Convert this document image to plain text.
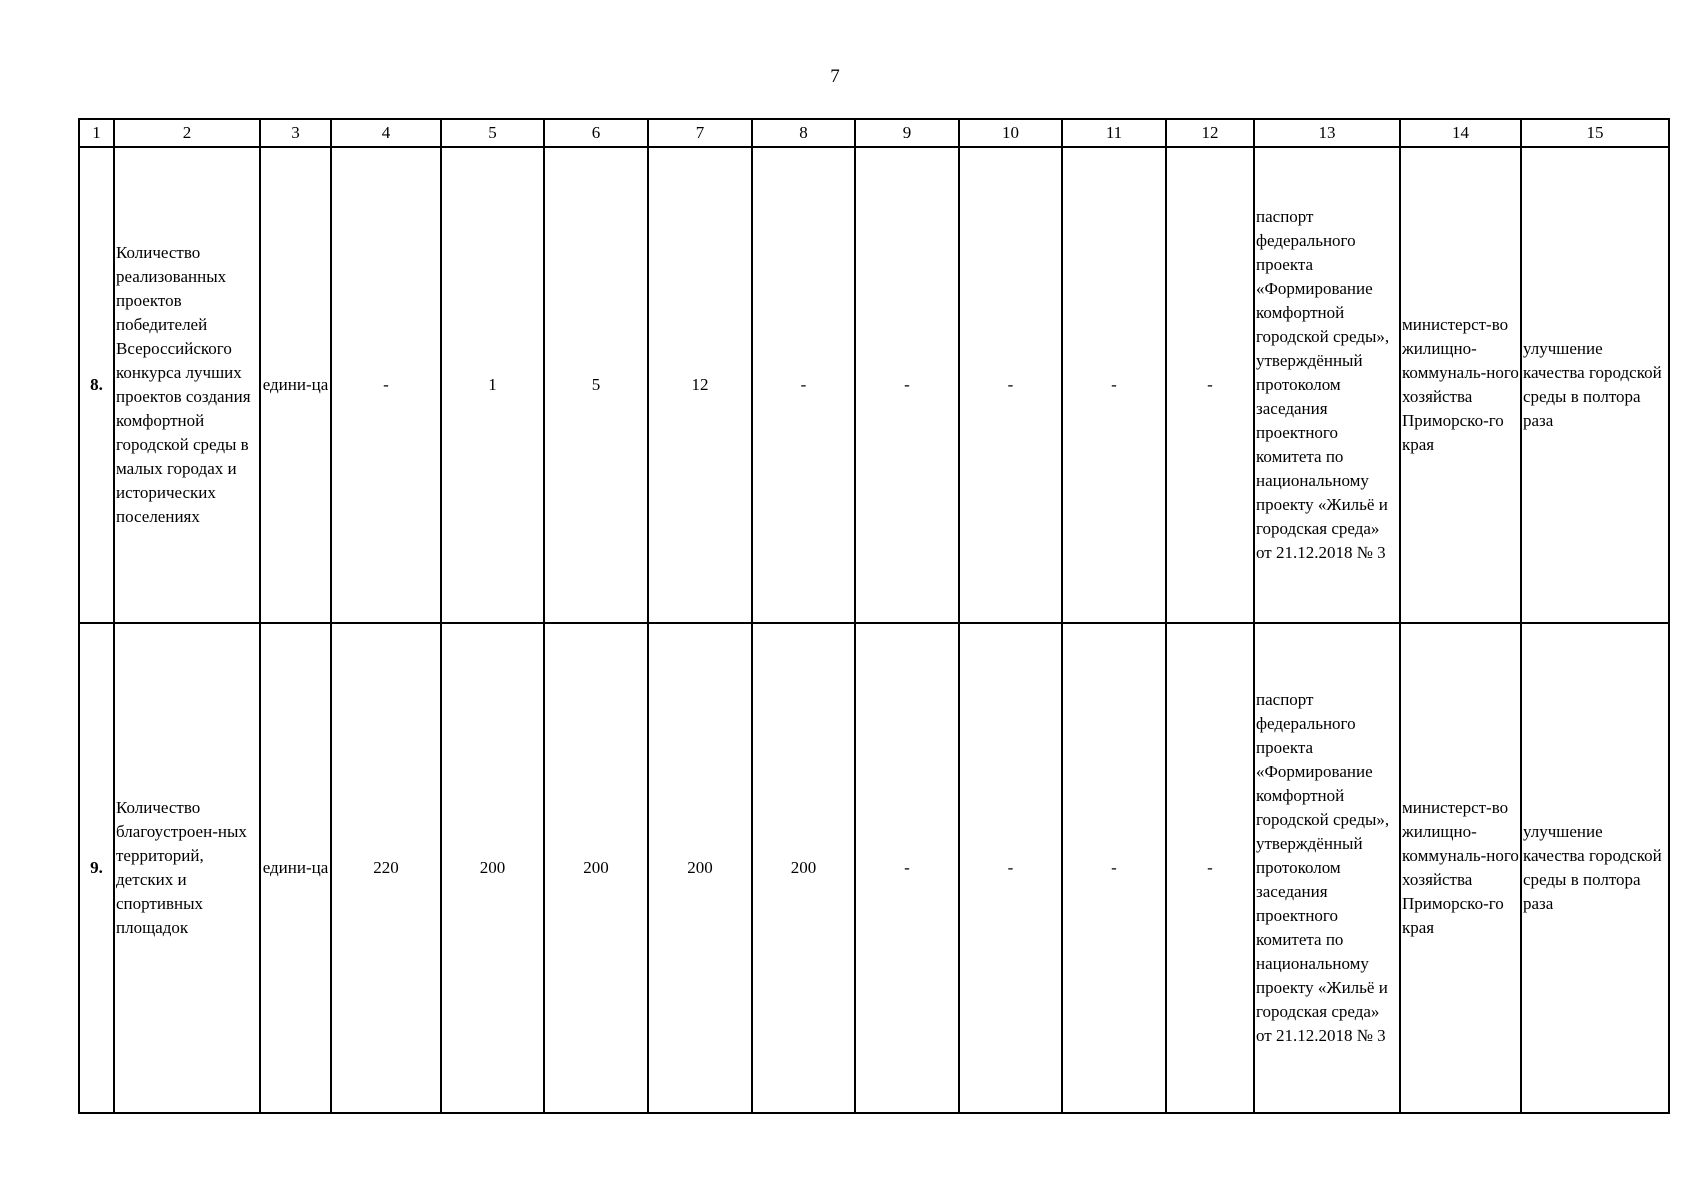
7
1	2	3	4	5	6	7	8	9	10	11	12	13	14	15
8.	Количество реализованных проектов победителей Всероссийского конкурса лучших проектов создания комфортной городской среды в малых городах и исторических поселениях	едини-ца	-	1	5	12	-	-	-	-	-	паспорт федерального проекта «Формирование комфортной городской среды», утверждённый протоколом заседания проектного комитета по национальному проекту «Жильё и городская среда» от 21.12.2018 № 3	министерст-во жилищно-коммуналь-ного хозяйства Приморско-го края	улучшение качества городской среды в полтора раза
9.	Количество благоустроен-ных территорий, детских и спортивных площадок	едини-ца	220	200	200	200	200	-	-	-	-	паспорт федерального проекта «Формирование комфортной городской среды», утверждённый протоколом заседания проектного комитета по национальному проекту «Жильё и городская среда» от 21.12.2018 № 3	министерст-во жилищно-коммуналь-ного хозяйства Приморско-го края	улучшение качества городской среды в полтора раза
